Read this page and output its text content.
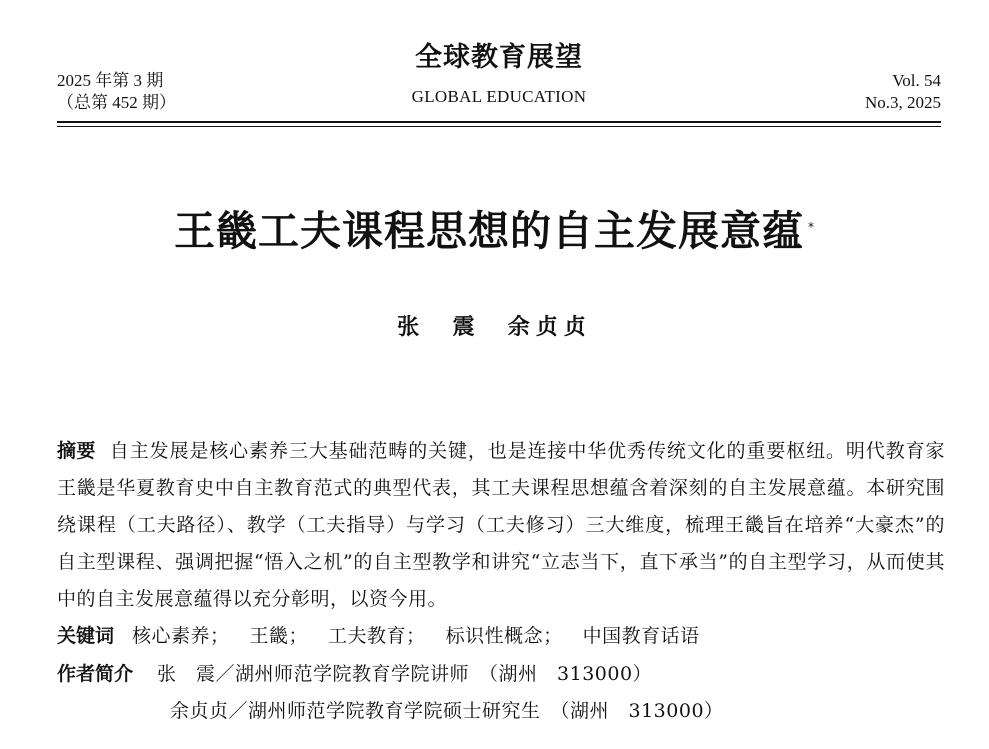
2025 年第 3 期
（总第 452 期）
全球教育展望
GLOBAL EDUCATION
Vol. 54
No.3, 2025
王畿工夫课程思想的自主发展意蕴 *
张  震  余贞贞
摘要 自主发展是核心素养三大基础范畴的关键，也是连接中华优秀传统文化的重要枢纽。明代教育家王畿是华夏教育史中自主教育范式的典型代表，其工夫课程思想蕴含着深刻的自主发展意蕴。本研究围绕课程（工夫路径）、教学（工夫指导）与学习（工夫修习）三大维度，梳理王畿旨在培养“大豪杰”的自主型课程、强调把握“悟入之机”的自主型教学和讲究“立志当下，直下承当”的自主型学习，从而使其中的自主发展意蕴得以充分彰明，以资今用。
关键词 核心素养； 王畿； 工夫教育； 标识性概念； 中国教育话语
作者简介 张　震／湖州师范学院教育学院讲师　（湖州　313000）
余贞贞／湖州师范学院教育学院硕士研究生　（湖州　313000）
